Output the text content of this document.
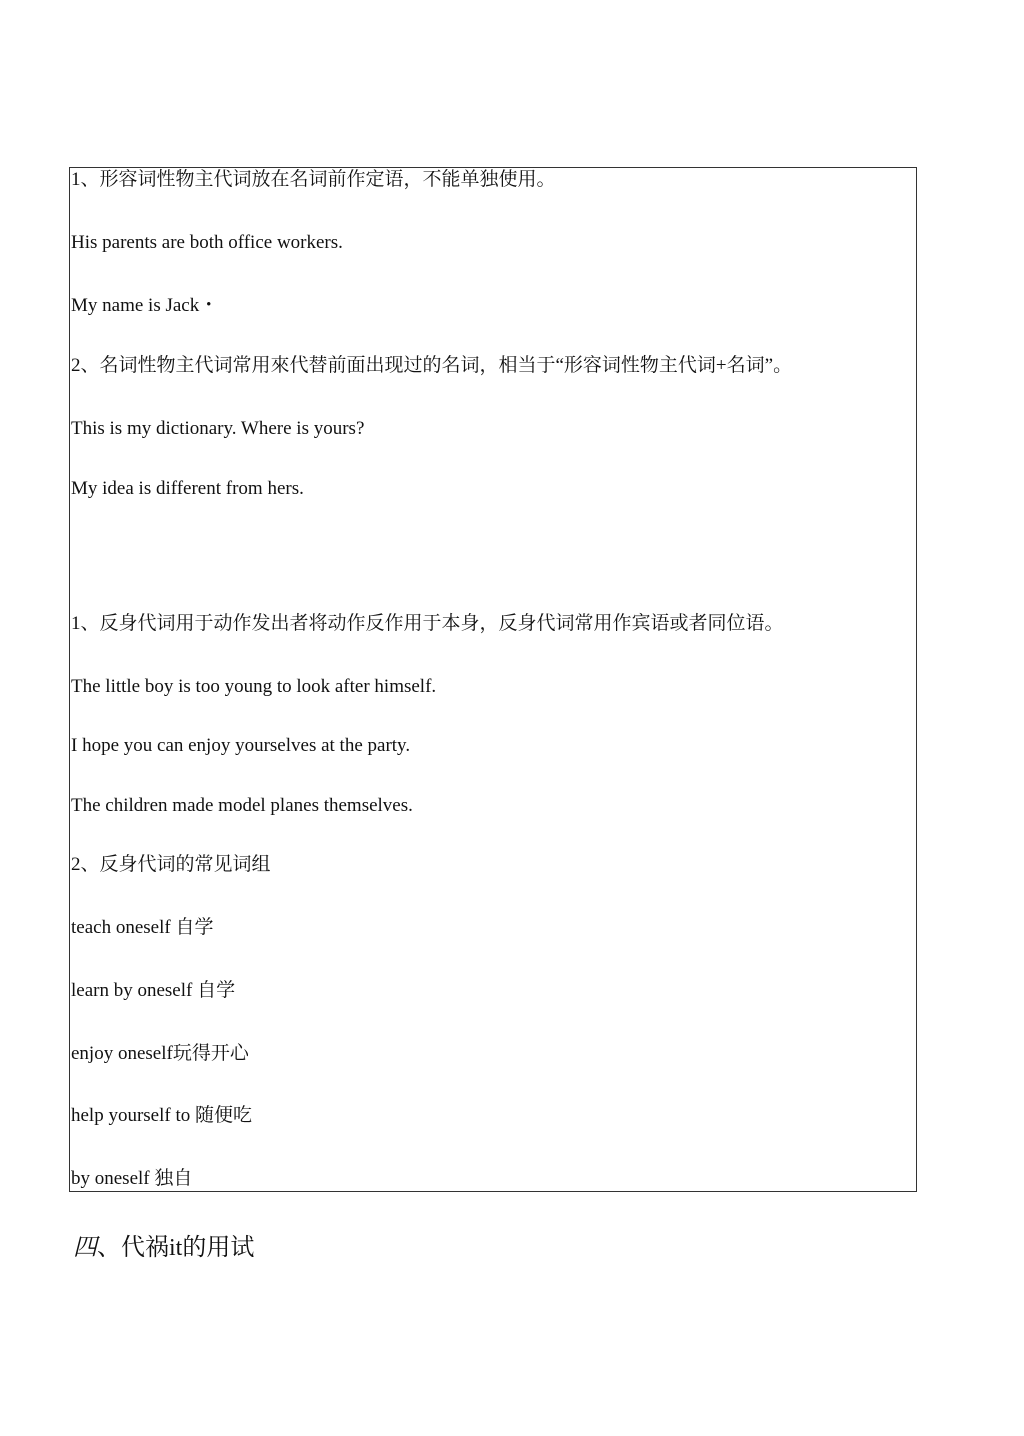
1、形容词性物主代词放在名词前作定语，不能单独使用。
His parents are both office workers.
My name is Jack・
2、名词性物主代词常用來代替前面出现过的名词，相当于“形容词性物主代词+名词”。
This is my dictionary. Where is yours?
My idea is different from hers.
1、反身代词用于动作发出者将动作反作用于本身，反身代词常用作宾语或者同位语。
The little boy is too young to look after himself.
I hope you can enjoy yourselves at the party.
The children made model planes themselves.
2、反身代词的常见词组
teach oneself 自学
learn by oneself 自学
enjoy oneself玩得开心
help yourself to 随便吃
by oneself 独自
四、代祸it的用试
